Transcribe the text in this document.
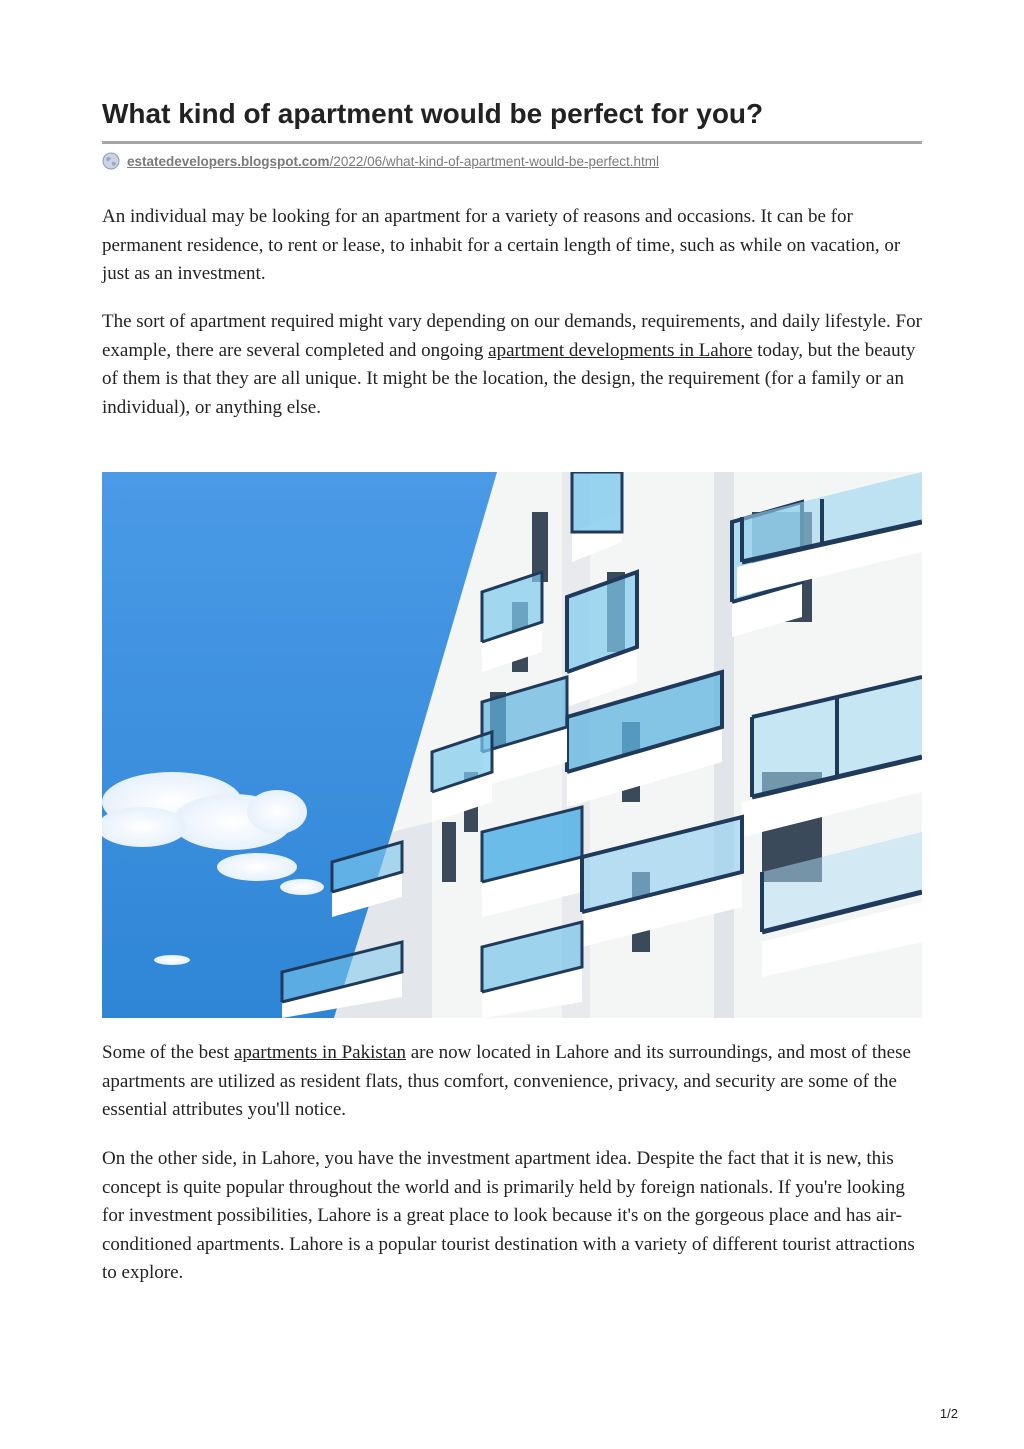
What kind of apartment would be perfect for you?
estatedevelopers.blogspot.com/2022/06/what-kind-of-apartment-would-be-perfect.html

An individual may be looking for an apartment for a variety of reasons and occasions. It can be for permanent residence, to rent or lease, to inhabit for a certain length of time, such as while on vacation, or just as an investment.

The sort of apartment required might vary depending on our demands, requirements, and daily lifestyle. For example, there are several completed and ongoing apartment developments in Lahore today, but the beauty of them is that they are all unique. It might be the location, the design, the requirement (for a family or an individual), or anything else.

Some of the best apartments in Pakistan are now located in Lahore and its surroundings, and most of these apartments are utilized as resident flats, thus comfort, convenience, privacy, and security are some of the essential attributes you'll notice.

On the other side, in Lahore, you have the investment apartment idea. Despite the fact that it is new, this concept is quite popular throughout the world and is primarily held by foreign nationals. If you're looking for investment possibilities, Lahore is a great place to look because it's on the gorgeous place and has air-conditioned apartments. Lahore is a popular tourist destination with a variety of different tourist attractions to explore.

1/2
